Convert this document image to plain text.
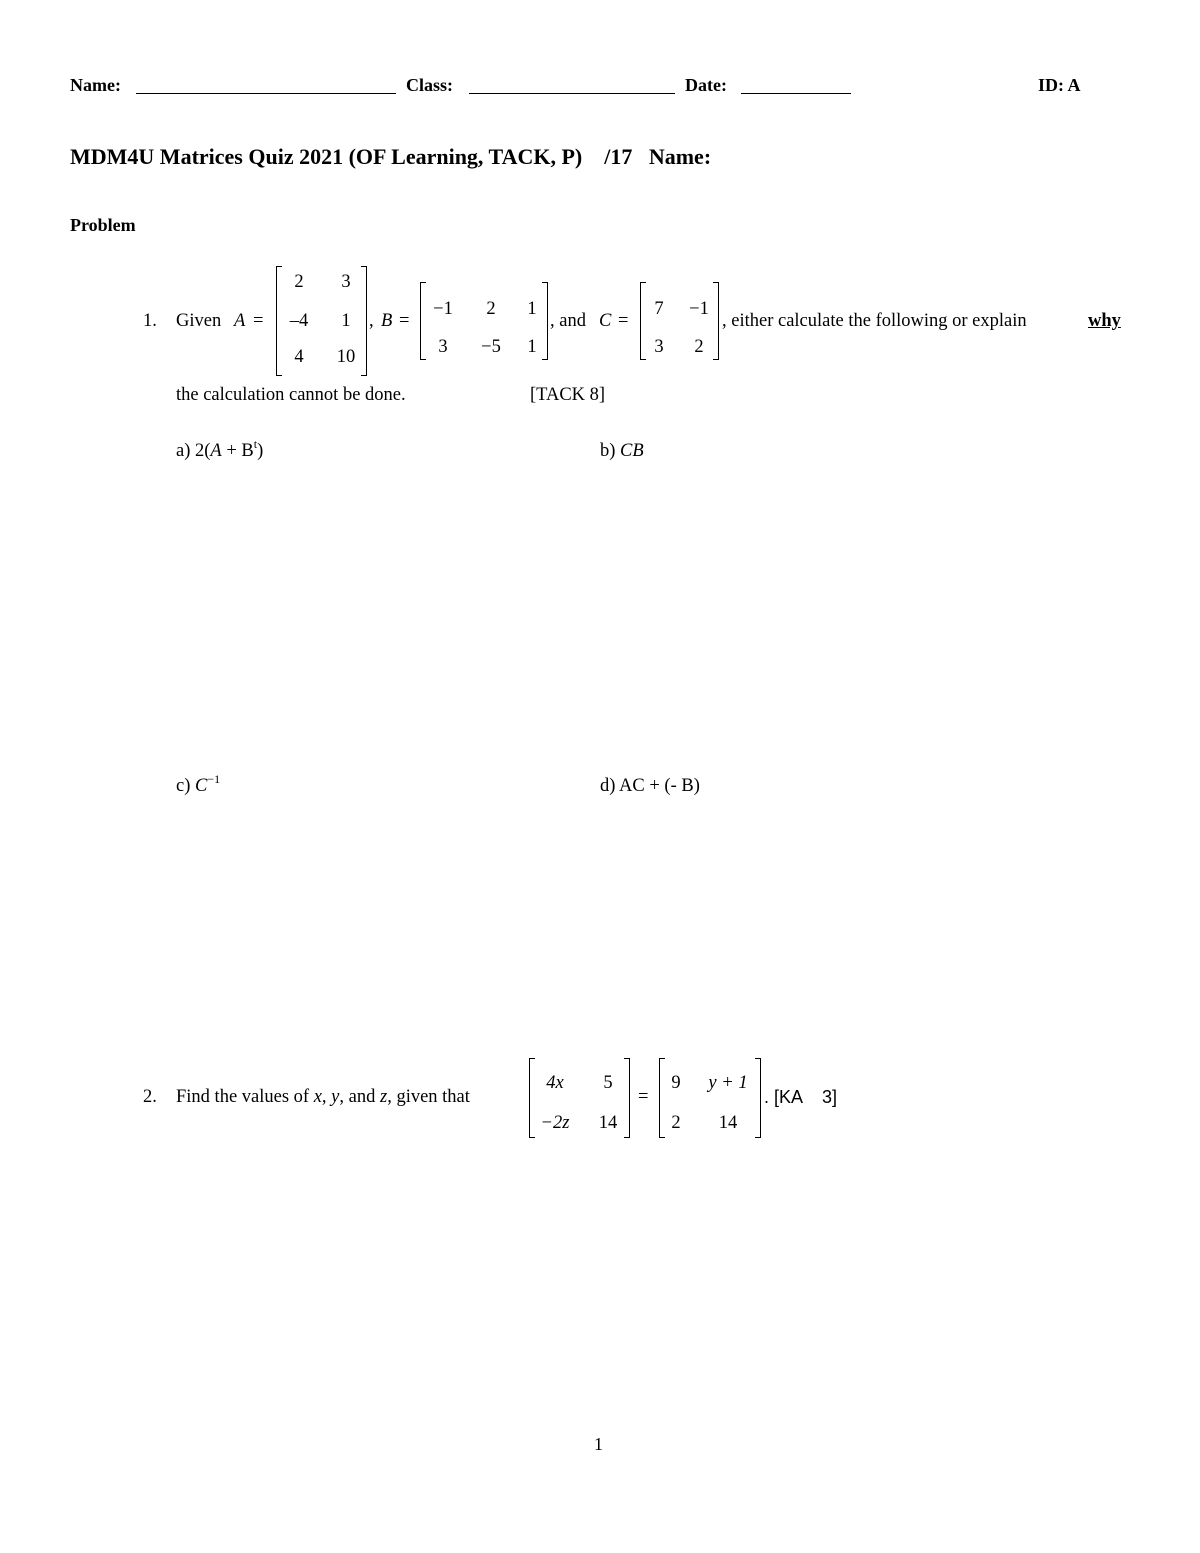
Name:	Class:	Date:	ID: A
MDM4U Matrices Quiz 2021 (OF Learning, TACK, P)    /17   Name:
Problem
1. Given A =
2	3
–4	1
4	10
, B =
−1	2	1
3	−5	1
, and C =
7	−1
3	2
, either calculate the following or explain	why
the calculation cannot be done.	[TACK 8]
a) $2(A + B^t)$	b) CB
c) $C^{-1}$	d) AC + (- B)
2. Find the values of x, y, and z, given that
4x	5
−2z	14
=
9	y + 1
2	14
. [KA    3]
1
